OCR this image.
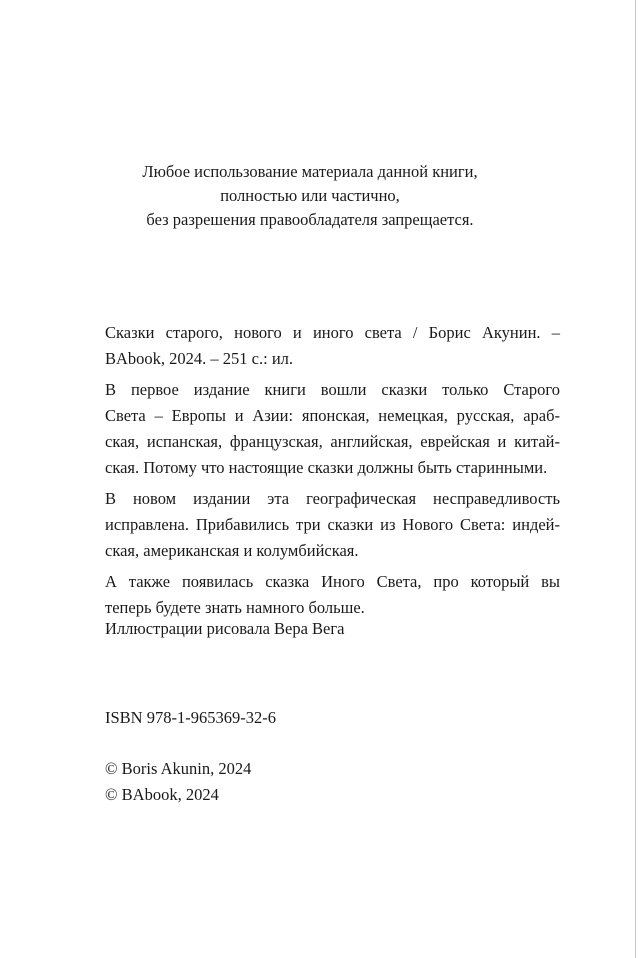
Любое использование материала данной книги,
полностью или частично,
без разрешения правообладателя запрещается.

Сказки старого, нового и иного света / Борис Акунин. –
BAbook, 2024. – 251 с.: ил.

В первое издание книги вошли сказки только Старого
Света – Европы и Азии: японская, немецкая, русская, араб-
ская, испанская, французская, английская, еврейская и китай-
ская. Потому что настоящие сказки должны быть старинными.

В новом издании эта географическая несправедливость
исправлена. Прибавились три сказки из Нового Света: индей-
ская, американская и колумбийская.

А также появилась сказка Иного Света, про который вы
теперь будете знать намного больше.

Иллюстрации рисовала Вера Вега
ISBN 978-1-965369-32-6
© Boris Akunin, 2024
© BAbook, 2024
